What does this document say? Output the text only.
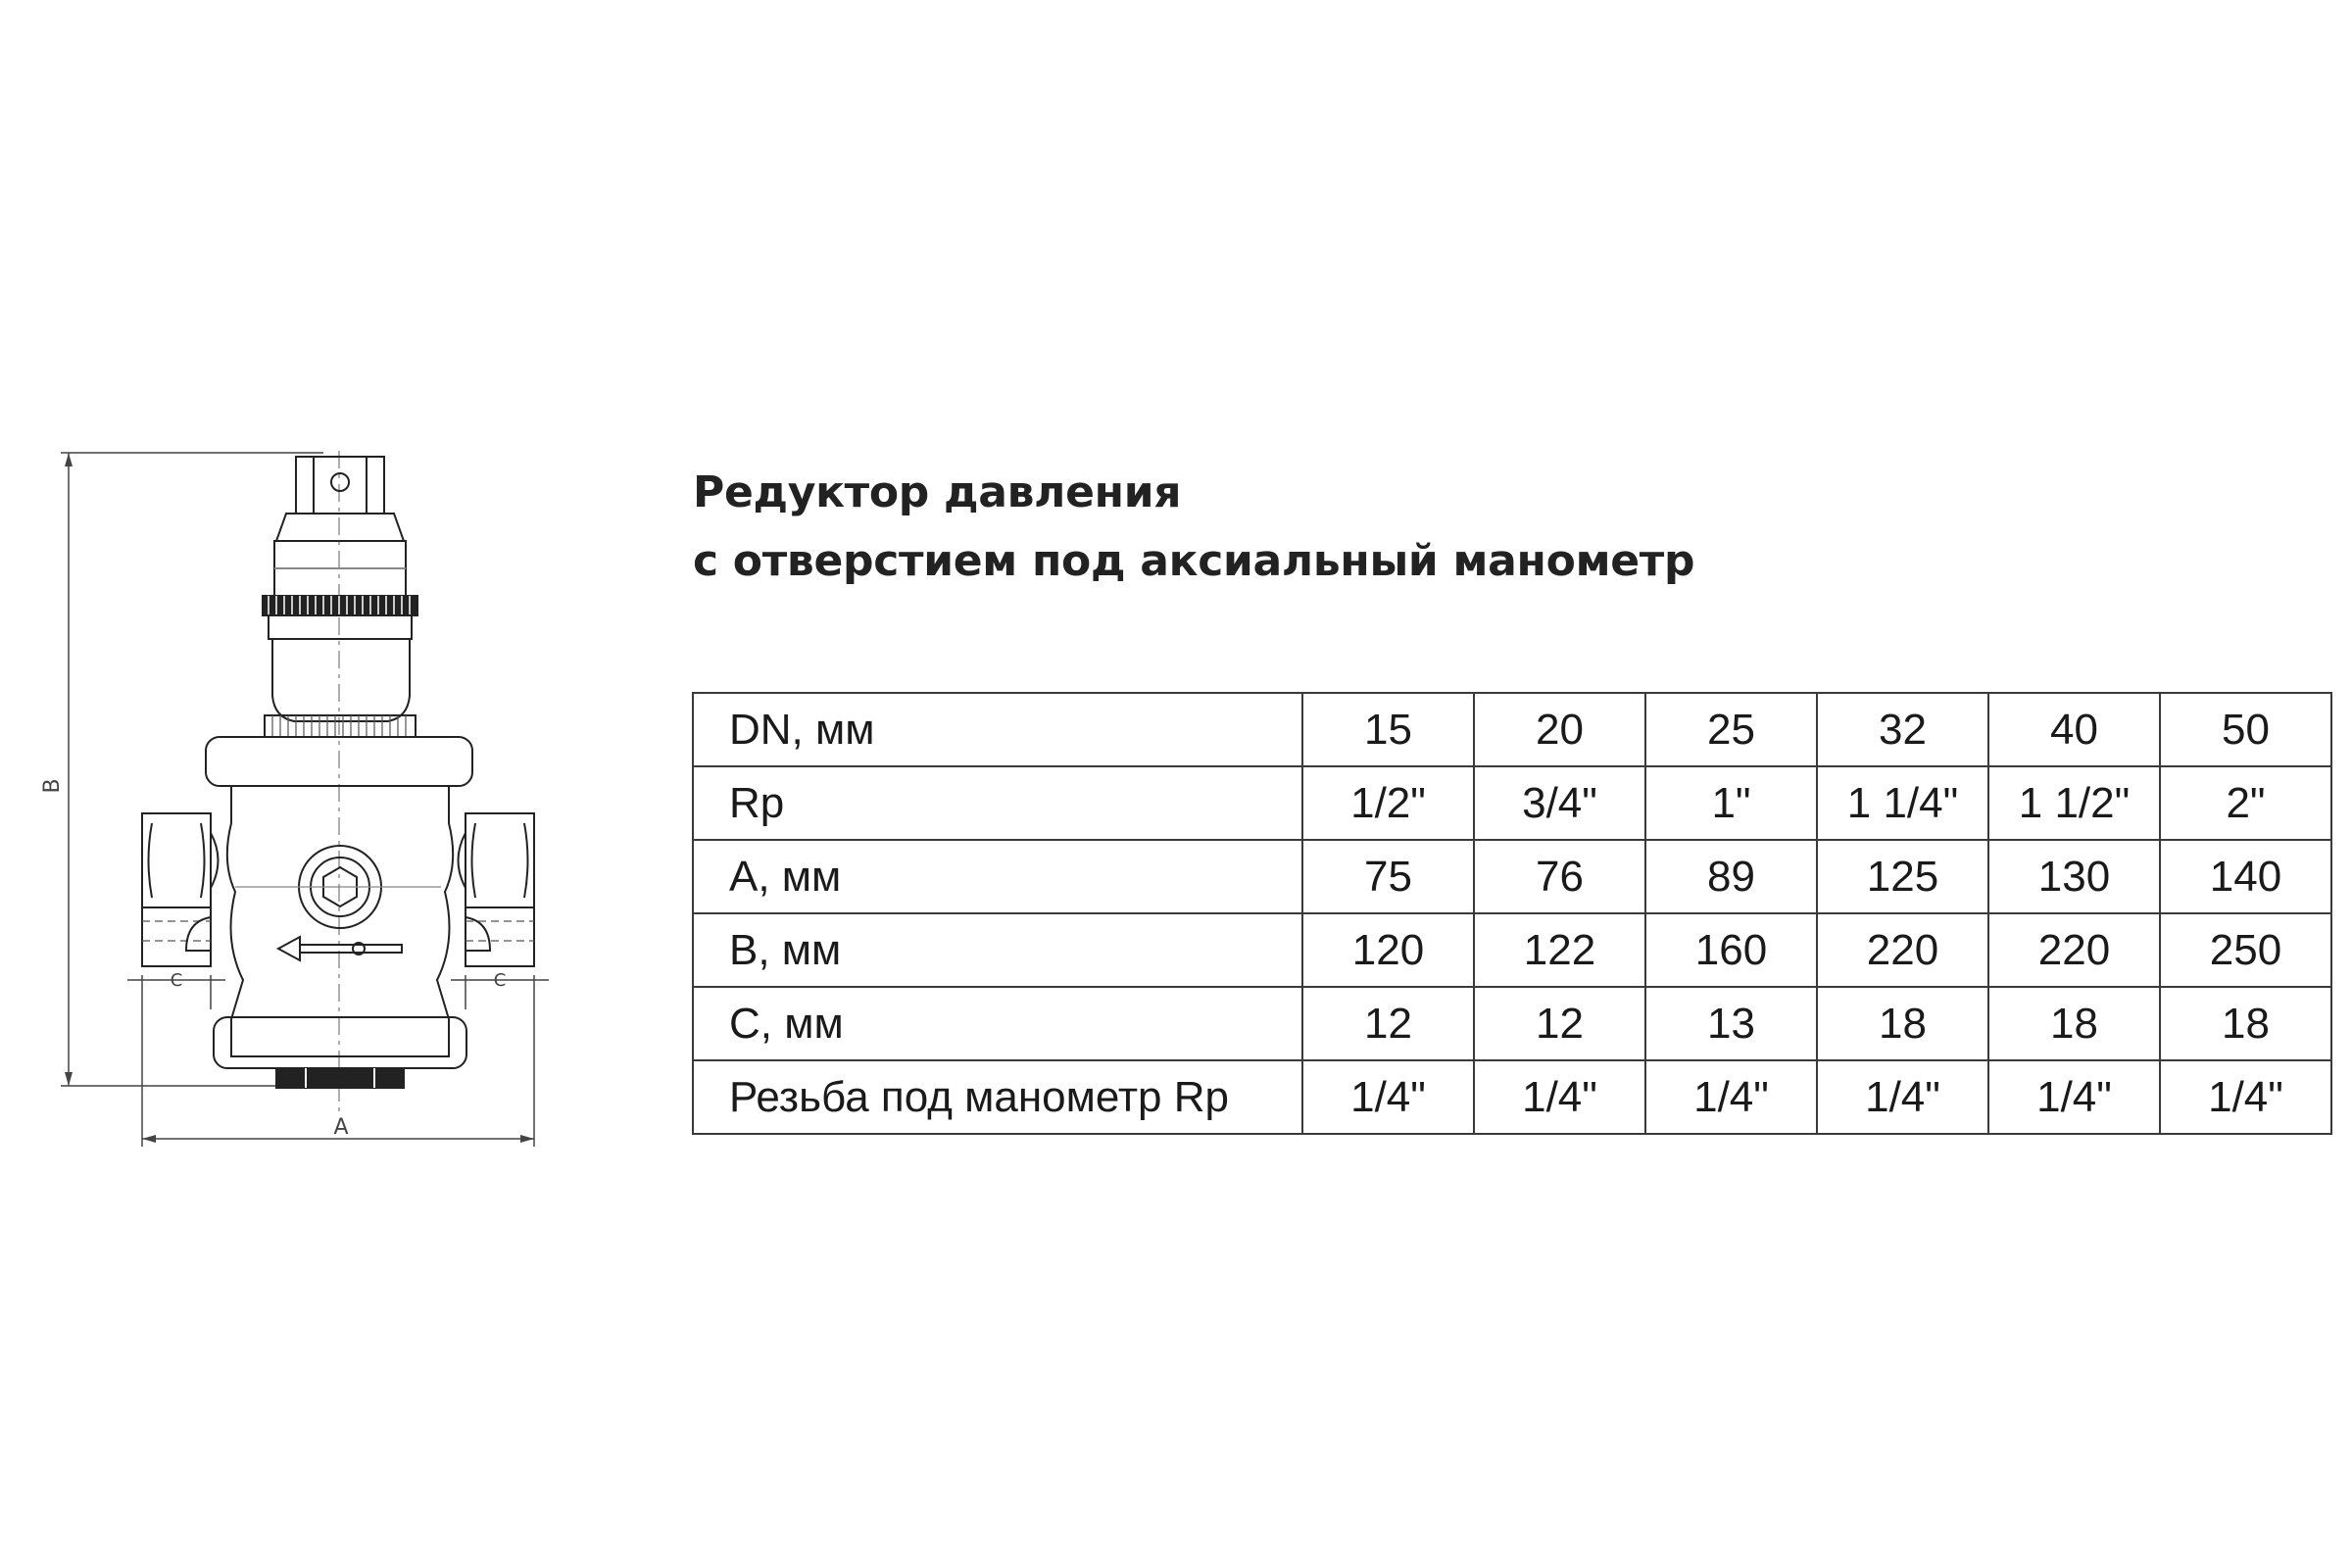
B
A
C	C
Редуктор давления
с отверстием под аксиальный манометр
DN, мм	15	20	25	32	40	50
Rp	1/2"	3/4"	1"	1 1/4"	1 1/2"	2"
A, мм	75	76	89	125	130	140
B, мм	120	122	160	220	220	250
C, мм	12	12	13	18	18	18
Резьба под манометр Rp	1/4"	1/4"	1/4"	1/4"	1/4"	1/4"
